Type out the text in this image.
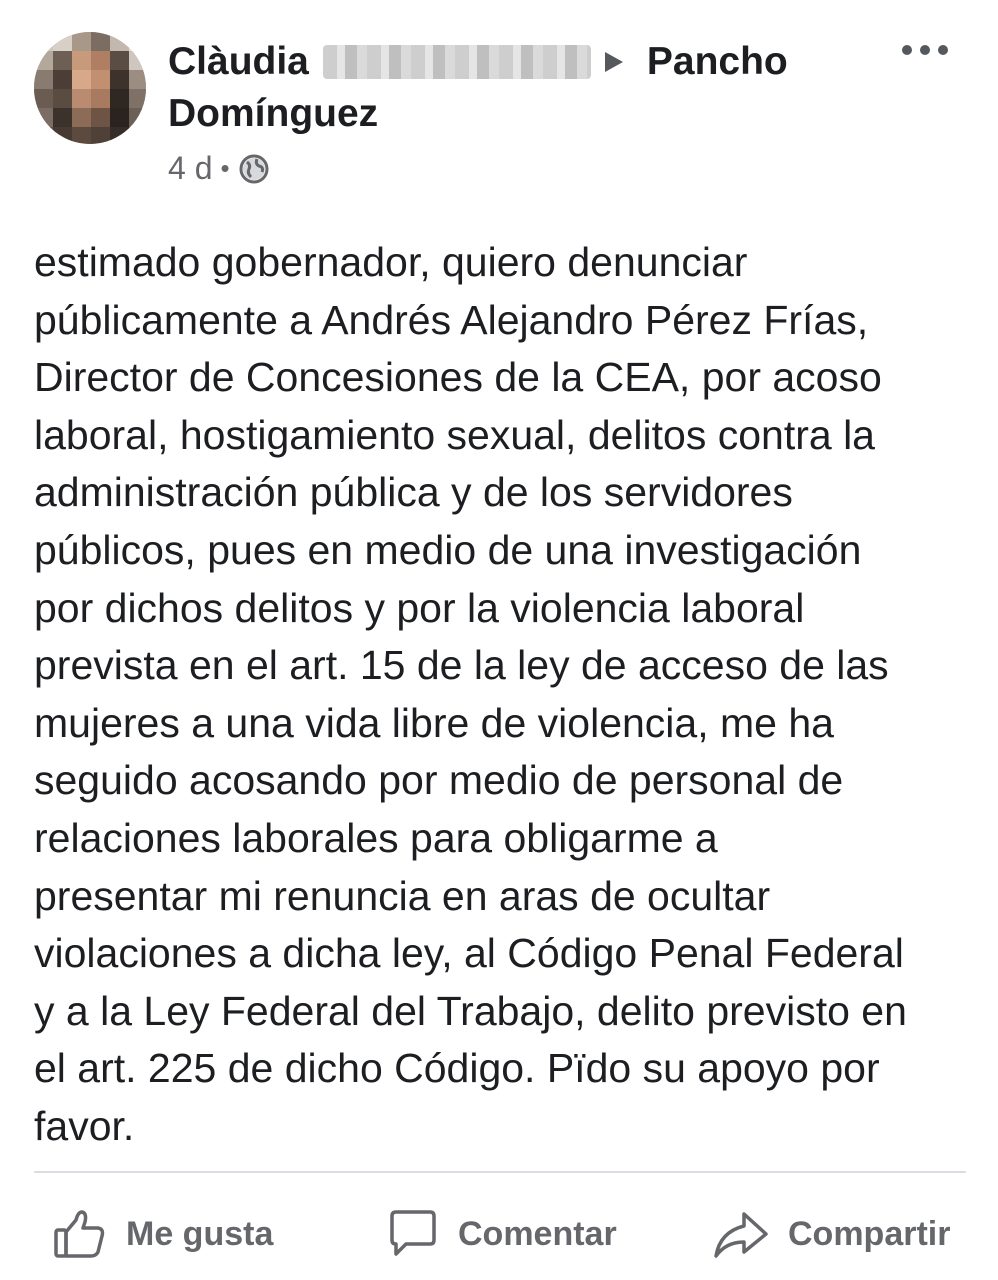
Clàudia	Pancho
Domínguez
4 d •
estimado gobernador, quiero denunciar
públicamente a Andrés Alejandro Pérez Frías,
Director de Concesiones de la CEA, por acoso
laboral, hostigamiento sexual, delitos contra la
administración pública y de los servidores
públicos, pues en medio de una investigación
por dichos delitos y por la violencia laboral
prevista en el art. 15 de la ley de acceso de las
mujeres a una vida libre de violencia, me ha
seguido acosando por medio de personal de
relaciones laborales para obligarme a
presentar mi renuncia en aras de ocultar
violaciones a dicha ley, al Código Penal Federal
y a la Ley Federal del Trabajo, delito previsto en
el art. 225 de dicho Código. Pïdo su apoyo por
favor.
Me gusta	Comentar	Compartir
